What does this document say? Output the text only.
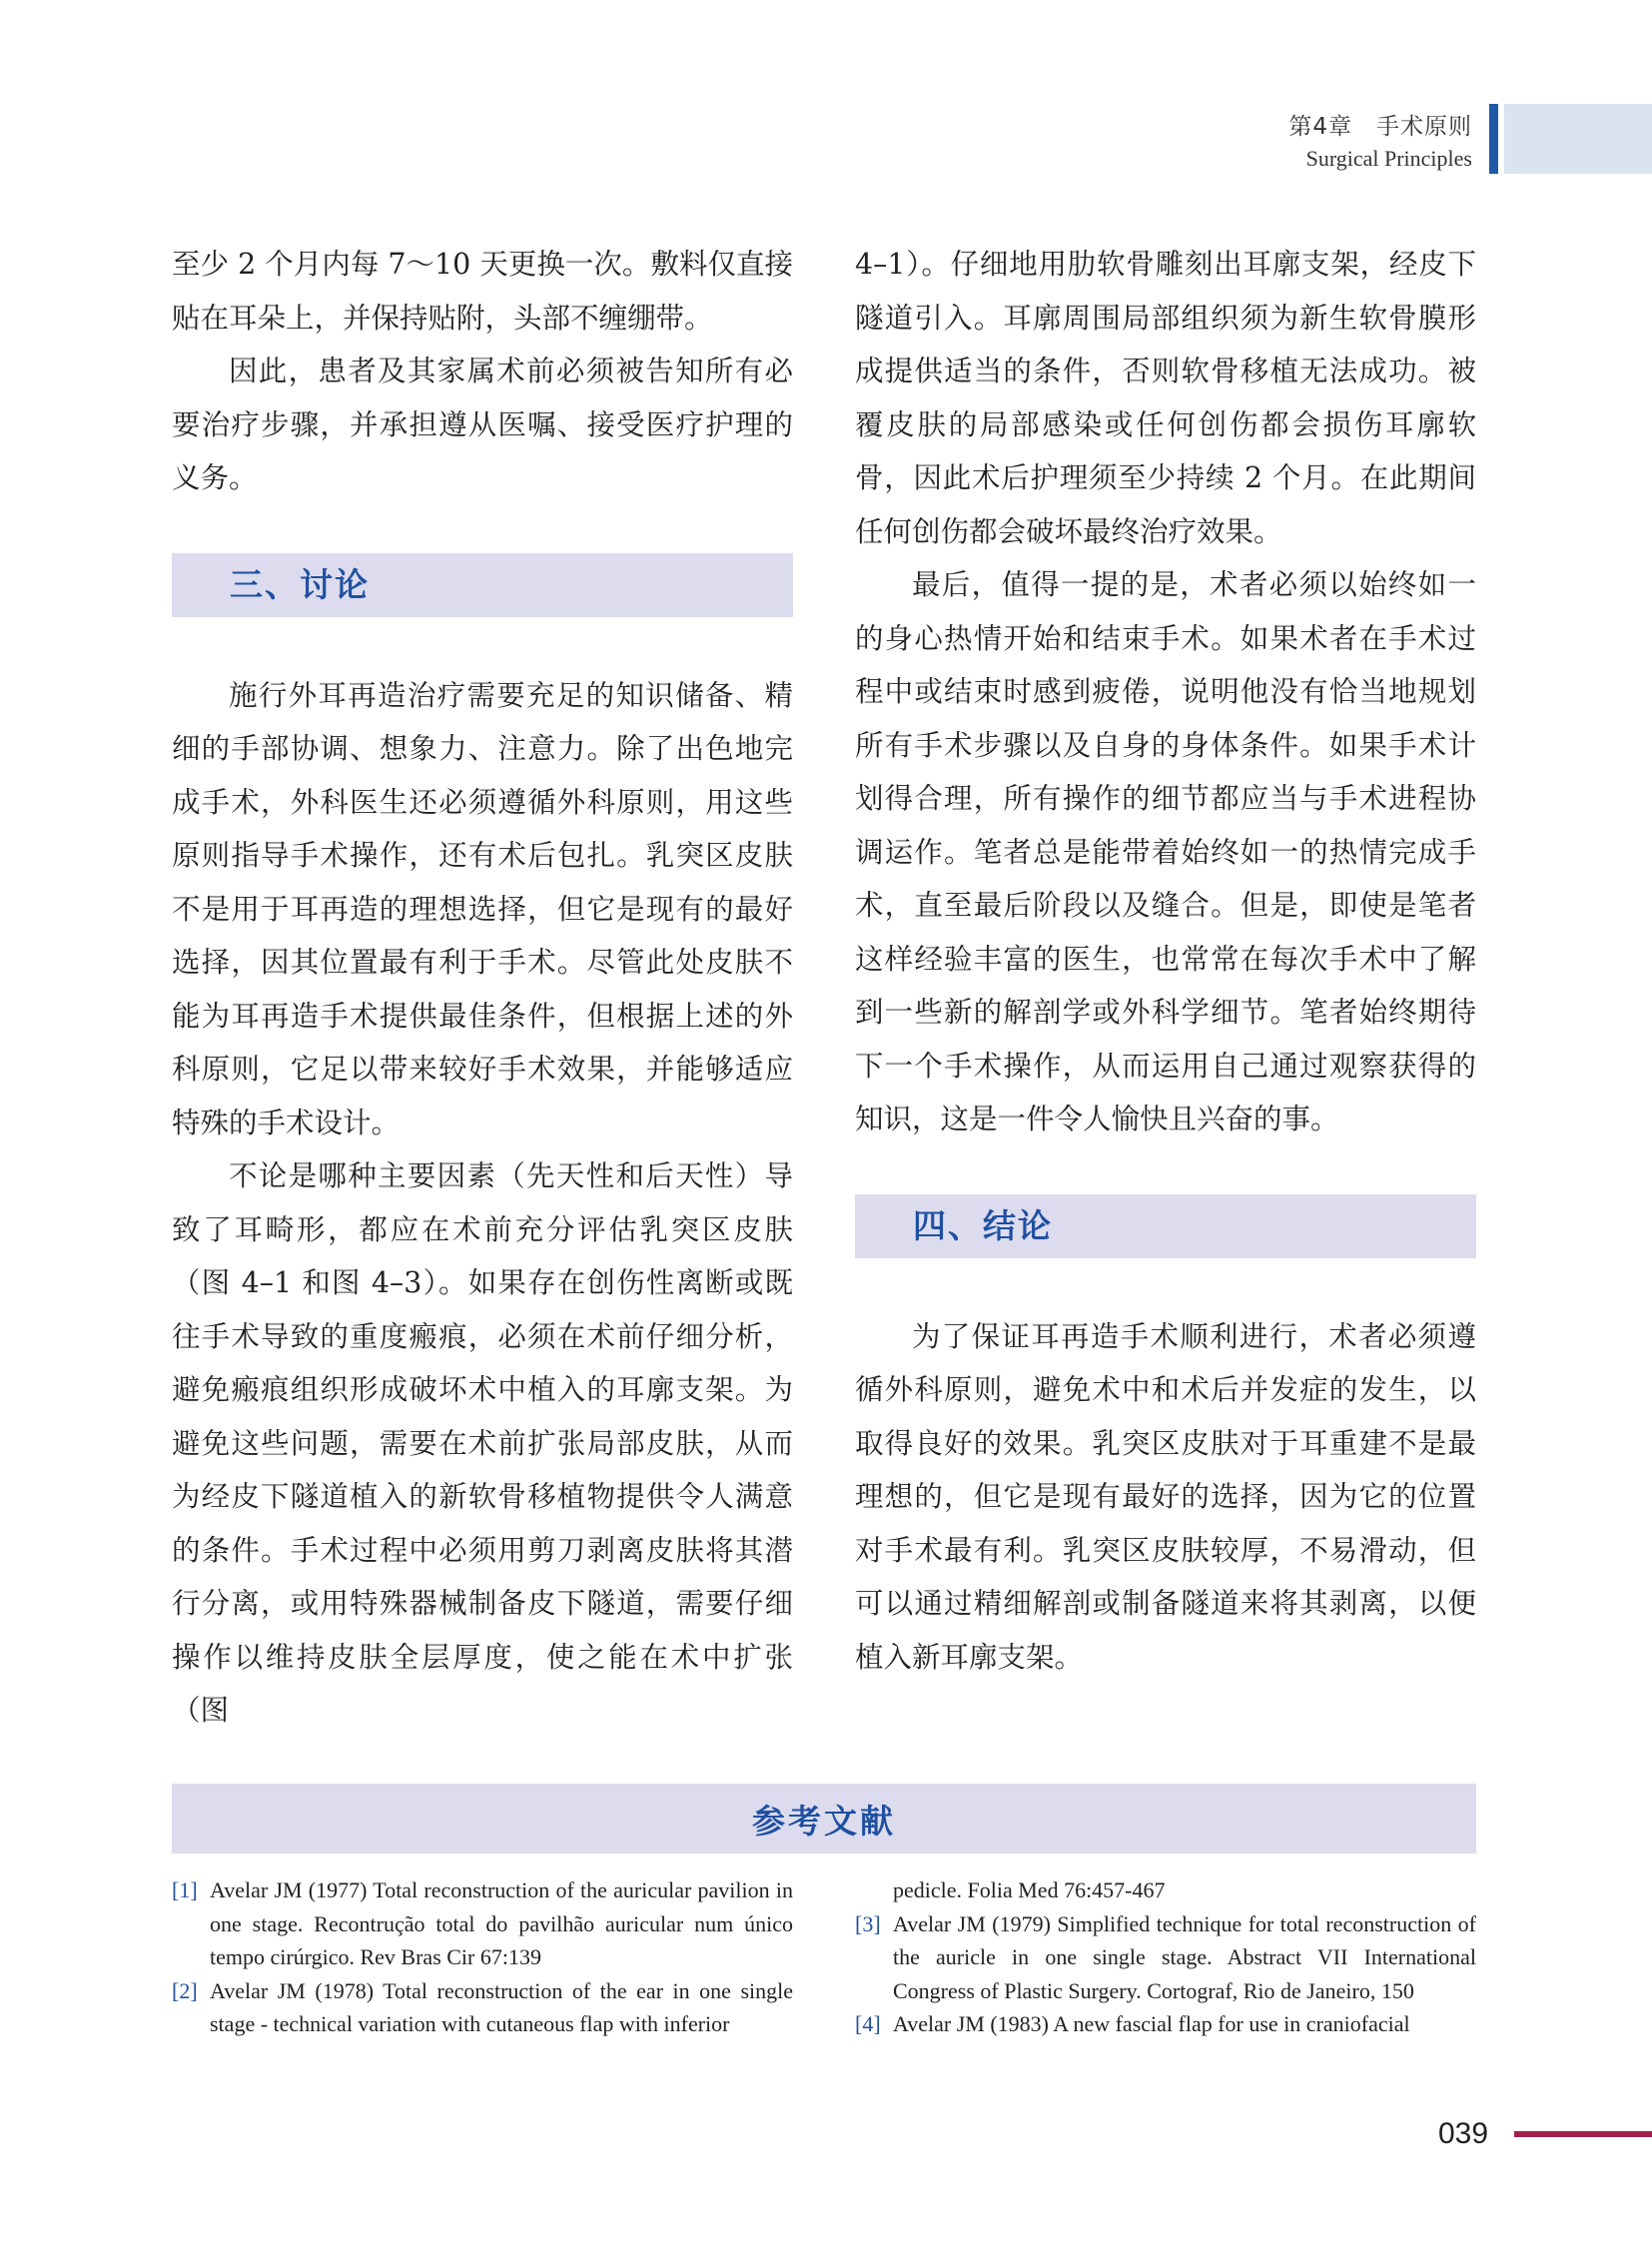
第4章　手术原则
Surgical Principles

至少 2 个月内每 7～10 天更换一次。敷料仅直接贴在耳朵上，并保持贴附，头部不缠绷带。

因此，患者及其家属术前必须被告知所有必要治疗步骤，并承担遵从医嘱、接受医疗护理的义务。

三、讨论

施行外耳再造治疗需要充足的知识储备、精细的手部协调、想象力、注意力。除了出色地完成手术，外科医生还必须遵循外科原则，用这些原则指导手术操作，还有术后包扎。乳突区皮肤不是用于耳再造的理想选择，但它是现有的最好选择，因其位置最有利于手术。尽管此处皮肤不能为耳再造手术提供最佳条件，但根据上述的外科原则，它足以带来较好手术效果，并能够适应特殊的手术设计。

不论是哪种主要因素（先天性和后天性）导致了耳畸形，都应在术前充分评估乳突区皮肤（图 4–1 和图 4–3）。如果存在创伤性离断或既往手术导致的重度瘢痕，必须在术前仔细分析，避免瘢痕组织形成破坏术中植入的耳廓支架。为避免这些问题，需要在术前扩张局部皮肤，从而为经皮下隧道植入的新软骨移植物提供令人满意的条件。手术过程中必须用剪刀剥离皮肤将其潜行分离，或用特殊器械制备皮下隧道，需要仔细操作以维持皮肤全层厚度，使之能在术中扩张（图

4–1）。仔细地用肋软骨雕刻出耳廓支架，经皮下隧道引入。耳廓周围局部组织须为新生软骨膜形成提供适当的条件，否则软骨移植无法成功。被覆皮肤的局部感染或任何创伤都会损伤耳廓软骨，因此术后护理须至少持续 2 个月。在此期间任何创伤都会破坏最终治疗效果。

最后，值得一提的是，术者必须以始终如一的身心热情开始和结束手术。如果术者在手术过程中或结束时感到疲倦，说明他没有恰当地规划所有手术步骤以及自身的身体条件。如果手术计划得合理，所有操作的细节都应当与手术进程协调运作。笔者总是能带着始终如一的热情完成手术，直至最后阶段以及缝合。但是，即使是笔者这样经验丰富的医生，也常常在每次手术中了解到一些新的解剖学或外科学细节。笔者始终期待下一个手术操作，从而运用自己通过观察获得的知识，这是一件令人愉快且兴奋的事。

四、结论

为了保证耳再造手术顺利进行，术者必须遵循外科原则，避免术中和术后并发症的发生，以取得良好的效果。乳突区皮肤对于耳重建不是最理想的，但它是现有最好的选择，因为它的位置对手术最有利。乳突区皮肤较厚，不易滑动，但可以通过精细解剖或制备隧道来将其剥离，以便植入新耳廓支架。

参考文献
[1] Avelar JM (1977) Total reconstruction of the auricular pavilion in one stage. Recontrução total do pavilhão auricular num único tempo cirúrgico. Rev Bras Cir 67:139
[2] Avelar JM (1978) Total reconstruction of the ear in one single stage - technical variation with cutaneous flap with inferior
pedicle. Folia Med 76:457-467
[3] Avelar JM (1979) Simplified technique for total reconstruction of the auricle in one single stage. Abstract VII International Congress of Plastic Surgery. Cortograf, Rio de Janeiro, 150
[4] Avelar JM (1983) A new fascial flap for use in craniofacial
039
